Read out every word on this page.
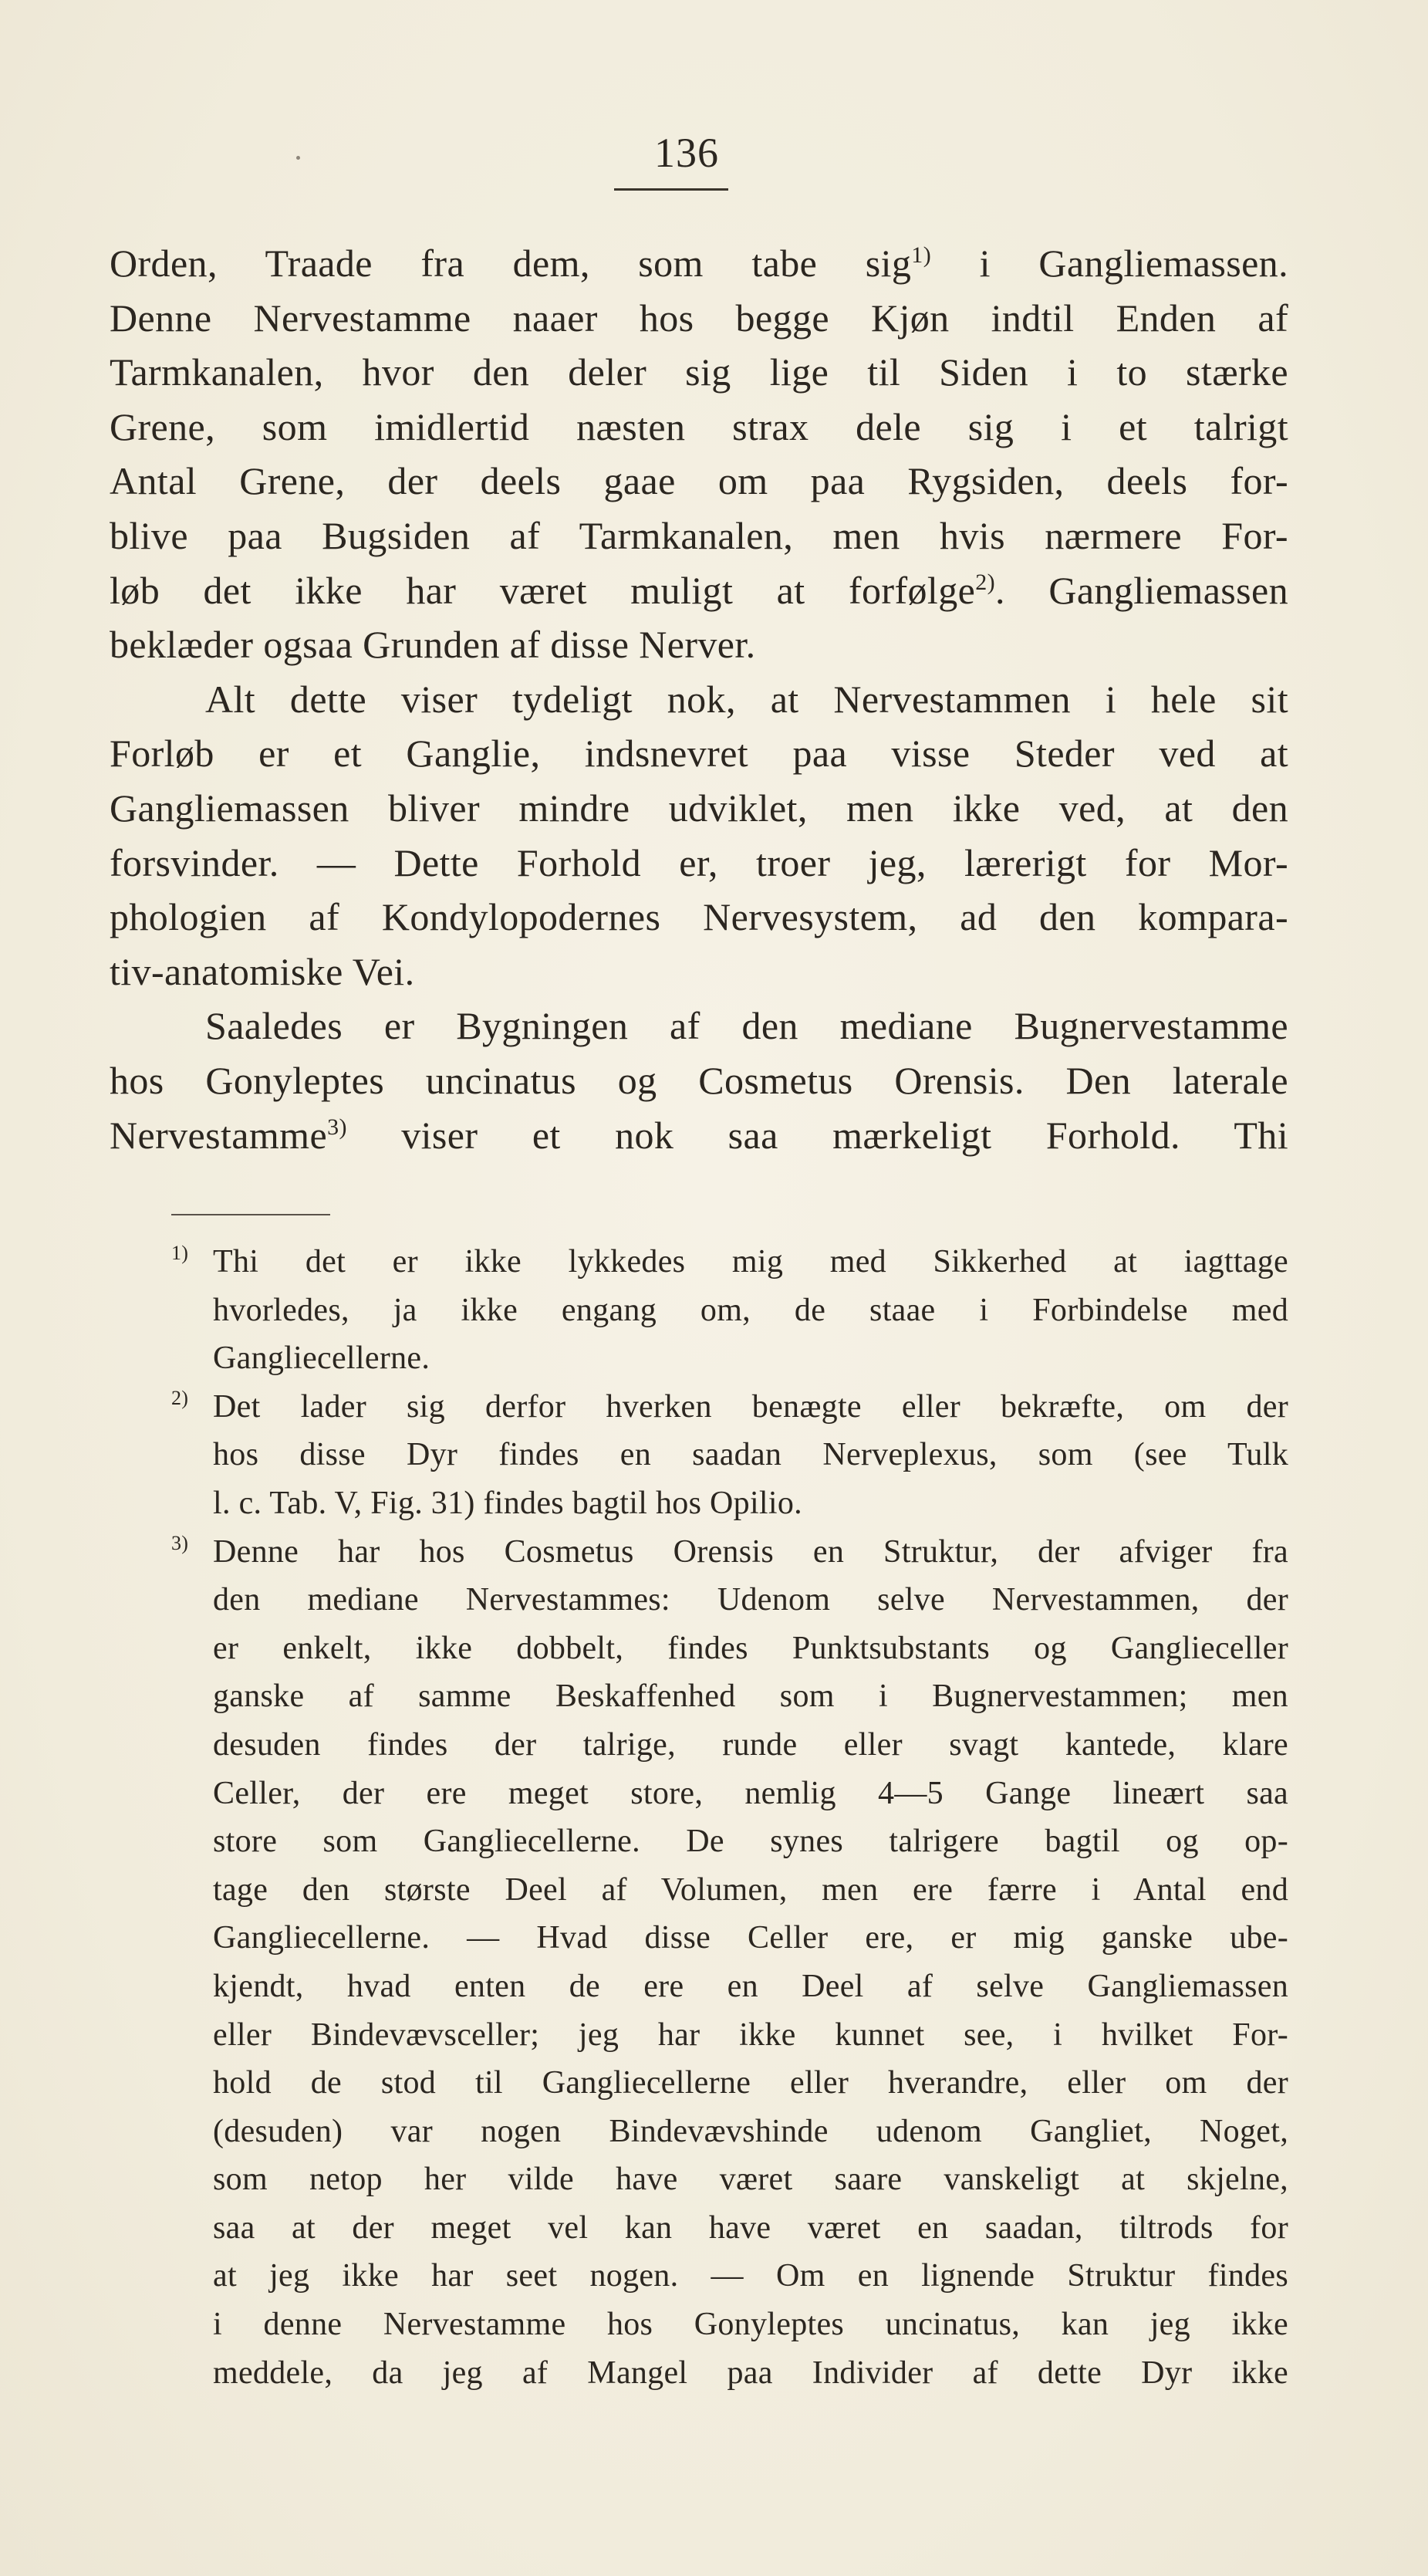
136
Orden, Traade fra dem, som tabe sig$^{1)}$ i Gangliemassen.
Denne Nervestamme naaer hos begge Kjøn indtil Enden af
Tarmkanalen, hvor den deler sig lige til Siden i to stærke
Grene, som imidlertid næsten strax dele sig i et talrigt
Antal Grene, der deels gaae om paa Rygsiden, deels for-
blive paa Bugsiden af Tarmkanalen, men hvis nærmere For-
løb det ikke har været muligt at forfølge$^{2)}$. Gangliemassen
beklæder ogsaa Grunden af disse Nerver.
Alt dette viser tydeligt nok, at Nervestammen i hele sit
Forløb er et Ganglie, indsnevret paa visse Steder ved at
Gangliemassen bliver mindre udviklet, men ikke ved, at den
forsvinder. — Dette Forhold er, troer jeg, lærerigt for Mor-
phologien af Kondylopodernes Nervesystem, ad den kompara-
tiv-anatomiske Vei.
Saaledes er Bygningen af den mediane Bugnervestamme
hos Gonyleptes uncinatus og Cosmetus Orensis. Den laterale
Nervestamme$^{3)}$ viser et nok saa mærkeligt Forhold. Thi
$^{1)}$ Thi det er ikke lykkedes mig med Sikkerhed at iagttage
hvorledes, ja ikke engang om, de staae i Forbindelse med
Gangliecellerne.
$^{2)}$ Det lader sig derfor hverken benægte eller bekræfte, om der
hos disse Dyr findes en saadan Nerveplexus, som (see Tulk
l. c. Tab. V, Fig. 31) findes bagtil hos Opilio.
$^{3)}$ Denne har hos Cosmetus Orensis en Struktur, der afviger fra
den mediane Nervestammes: Udenom selve Nervestammen, der
er enkelt, ikke dobbelt, findes Punktsubstants og Ganglieceller
ganske af samme Beskaffenhed som i Bugnervestammen; men
desuden findes der talrige, runde eller svagt kantede, klare
Celler, der ere meget store, nemlig 4—5 Gange lineært saa
store som Gangliecellerne. De synes talrigere bagtil og op-
tage den største Deel af Volumen, men ere færre i Antal end
Gangliecellerne. — Hvad disse Celler ere, er mig ganske ube-
kjendt, hvad enten de ere en Deel af selve Gangliemassen
eller Bindevævsceller; jeg har ikke kunnet see, i hvilket For-
hold de stod til Gangliecellerne eller hverandre, eller om der
(desuden) var nogen Bindevævshinde udenom Gangliet, Noget,
som netop her vilde have været saare vanskeligt at skjelne,
saa at der meget vel kan have været en saadan, tiltrods for
at jeg ikke har seet nogen. — Om en lignende Struktur findes
i denne Nervestamme hos Gonyleptes uncinatus, kan jeg ikke
meddele, da jeg af Mangel paa Individer af dette Dyr ikke
